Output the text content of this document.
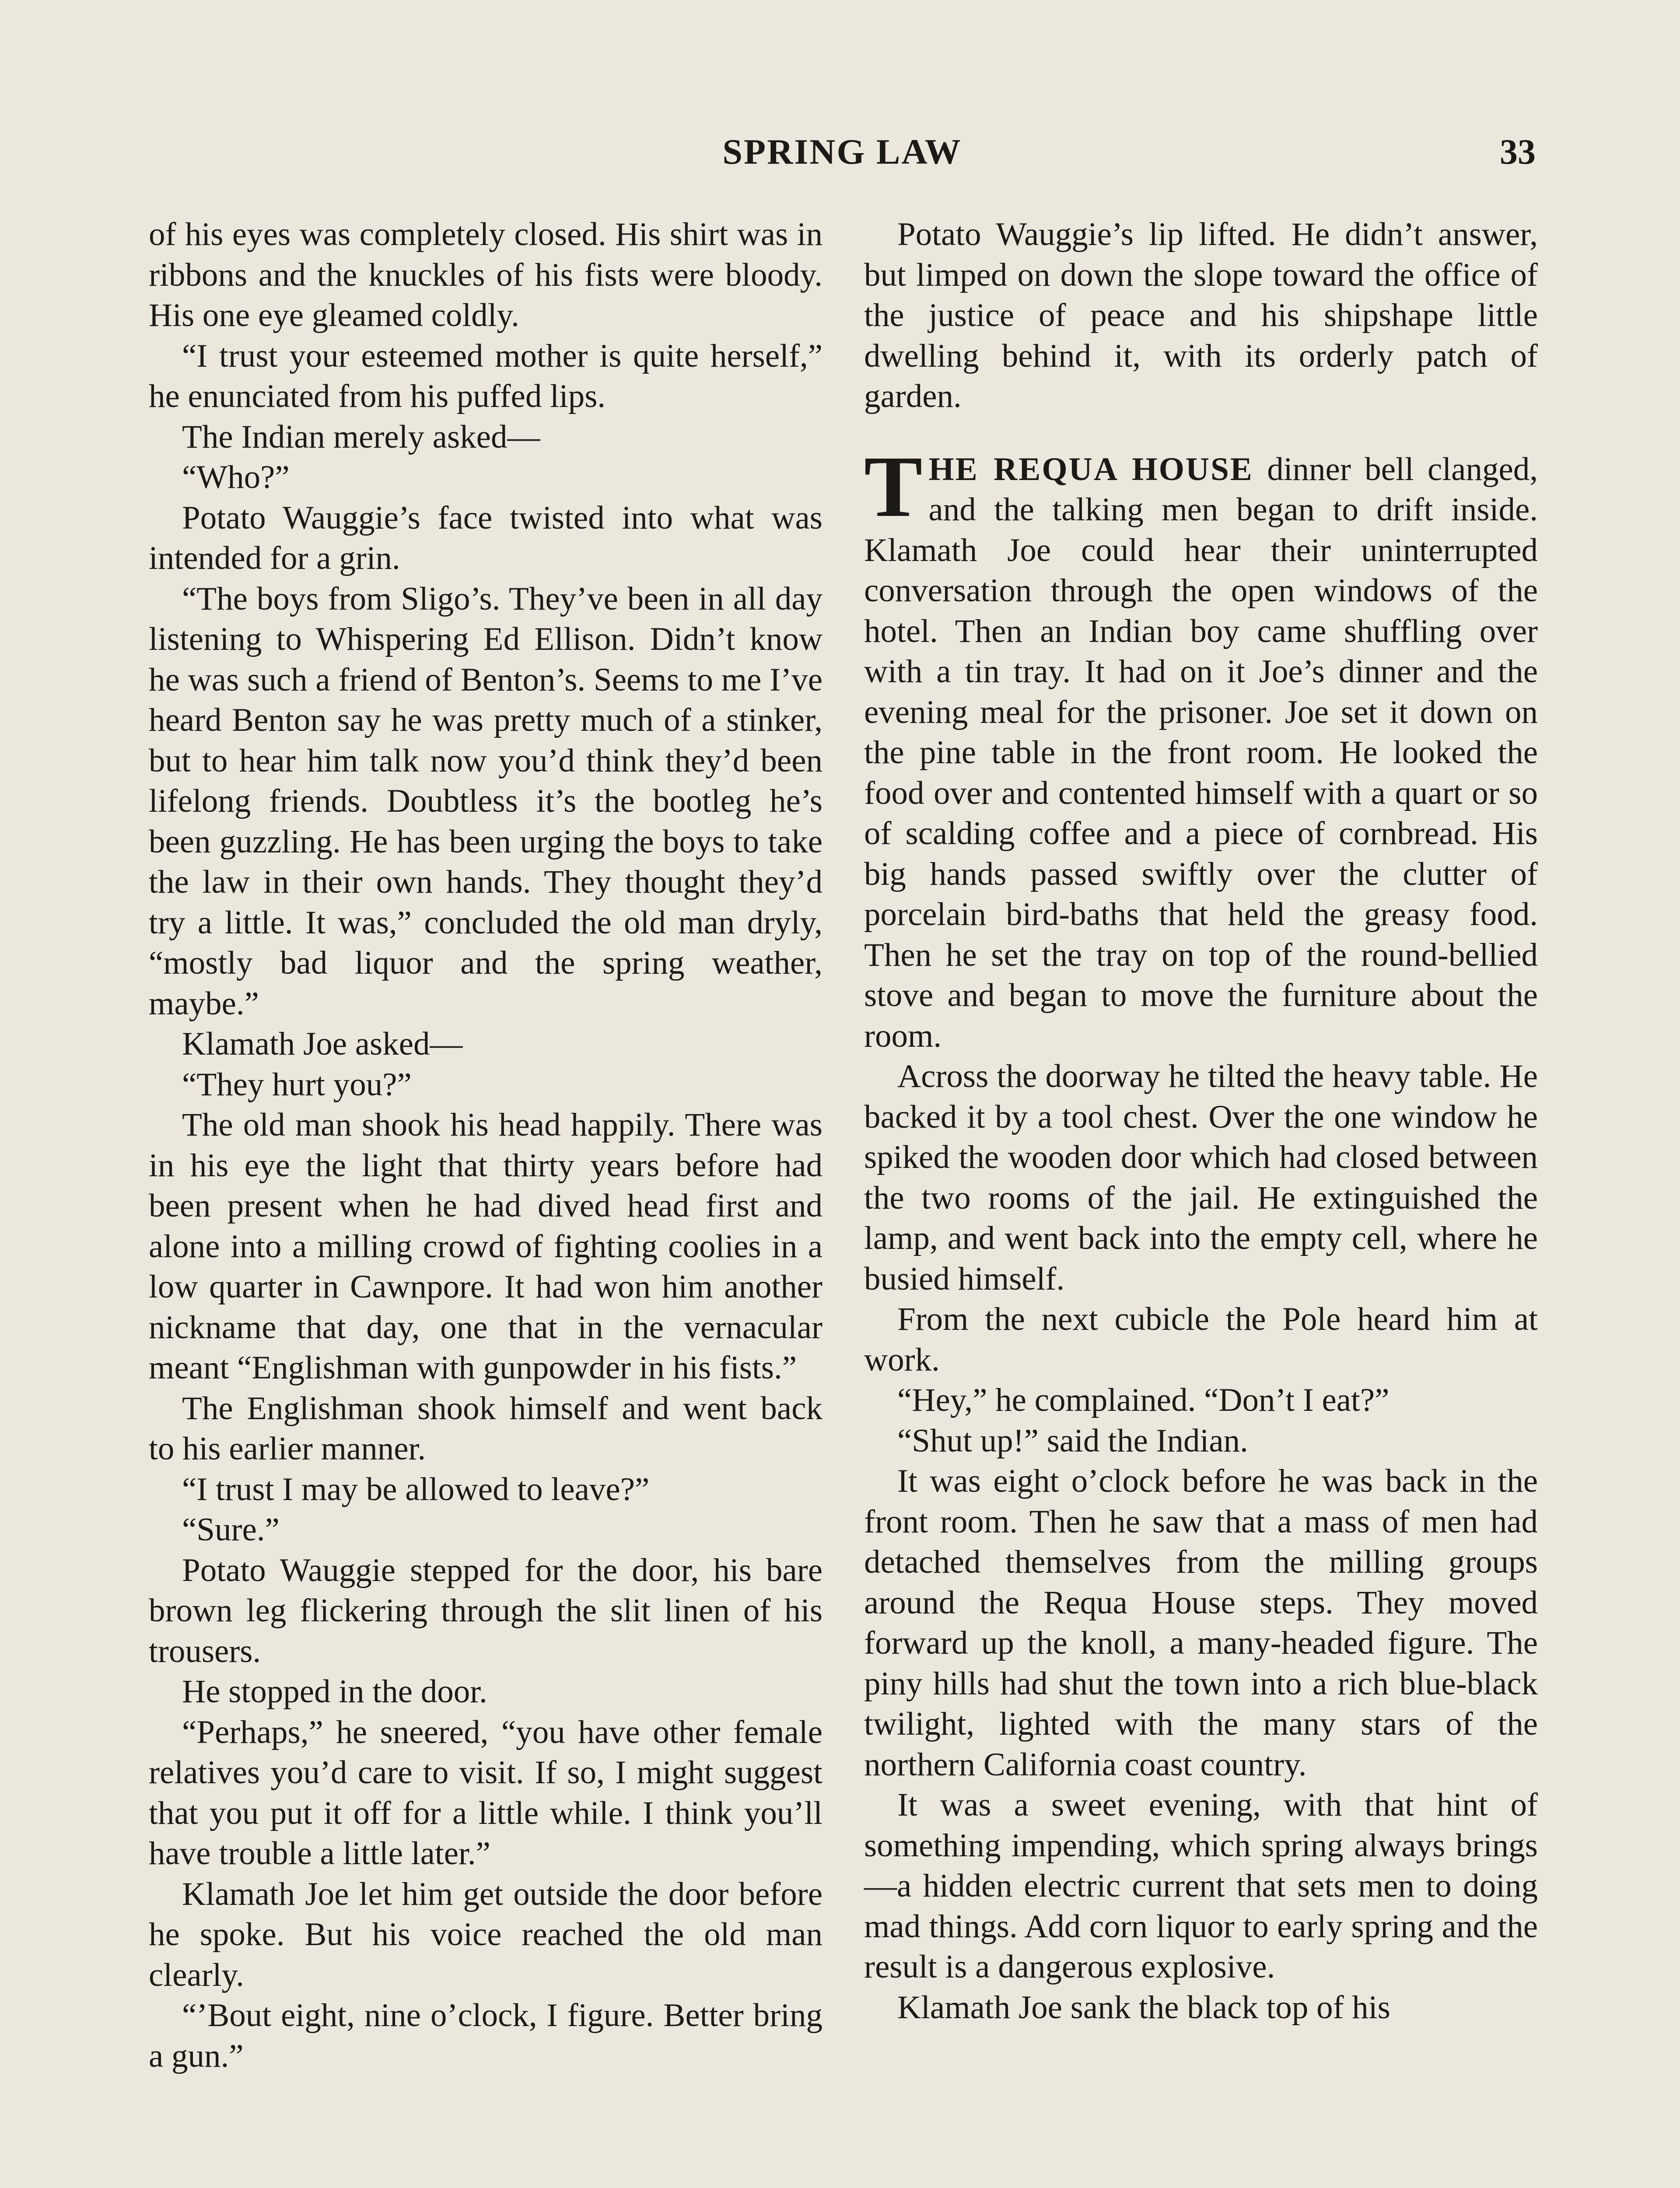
SPRING LAW	33

of his eyes was completely closed. His shirt was in ribbons and the knuckles of his fists were bloody. His one eye gleamed coldly.

“I trust your esteemed mother is quite herself,” he enunciated from his puffed lips.

The Indian merely asked—

“Who?”

Potato Wauggie’s face twisted into what was intended for a grin.

“The boys from Sligo’s. They’ve been in all day listening to Whispering Ed Ellison. Didn’t know he was such a friend of Benton’s. Seems to me I’ve heard Benton say he was pretty much of a stinker, but to hear him talk now you’d think they’d been lifelong friends. Doubtless it’s the bootleg he’s been guzzling. He has been urging the boys to take the law in their own hands. They thought they’d try a little. It was,” concluded the old man dryly, “mostly bad liquor and the spring weather, maybe.”

Klamath Joe asked—

“They hurt you?”

The old man shook his head happily. There was in his eye the light that thirty years before had been present when he had dived head first and alone into a milling crowd of fighting coolies in a low quarter in Cawnpore. It had won him another nickname that day, one that in the vernacular meant “Englishman with gunpowder in his fists.”

The Englishman shook himself and went back to his earlier manner.

“I trust I may be allowed to leave?”

“Sure.”

Potato Wauggie stepped for the door, his bare brown leg flickering through the slit linen of his trousers.

He stopped in the door.

“Perhaps,” he sneered, “you have other female relatives you’d care to visit. If so, I might suggest that you put it off for a little while. I think you’ll have trouble a little later.”

Klamath Joe let him get outside the door before he spoke. But his voice reached the old man clearly.

“’Bout eight, nine o’clock, I figure. Better bring a gun.”

Potato Wauggie’s lip lifted. He didn’t answer, but limped on down the slope toward the office of the justice of peace and his shipshape little dwelling behind it, with its orderly patch of garden.

THE REQUA HOUSE dinner bell clanged, and the talking men began to drift inside. Klamath Joe could hear their uninterrupted conversation through the open windows of the hotel. Then an Indian boy came shuffling over with a tin tray. It had on it Joe’s dinner and the evening meal for the prisoner. Joe set it down on the pine table in the front room. He looked the food over and contented himself with a quart or so of scalding coffee and a piece of cornbread. His big hands passed swiftly over the clutter of porcelain bird-baths that held the greasy food. Then he set the tray on top of the round-bellied stove and began to move the furniture about the room.

Across the doorway he tilted the heavy table. He backed it by a tool chest. Over the one window he spiked the wooden door which had closed between the two rooms of the jail. He extinguished the lamp, and went back into the empty cell, where he busied himself.

From the next cubicle the Pole heard him at work.

“Hey,” he complained. “Don’t I eat?”

“Shut up!” said the Indian.

It was eight o’clock before he was back in the front room. Then he saw that a mass of men had detached themselves from the milling groups around the Requa House steps. They moved forward up the knoll, a many-headed figure. The piny hills had shut the town into a rich blue-black twilight, lighted with the many stars of the northern California coast country.

It was a sweet evening, with that hint of something impending, which spring always brings—a hidden electric current that sets men to doing mad things. Add corn liquor to early spring and the result is a dangerous explosive.

Klamath Joe sank the black top of his
